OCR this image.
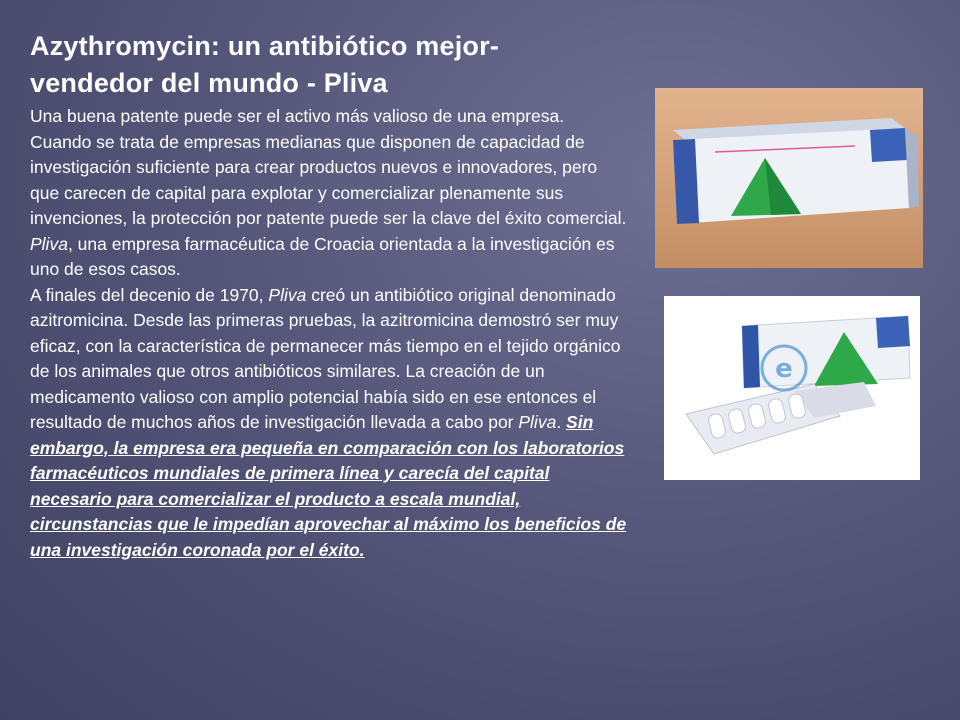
Azythromycin: un antibiótico mejor-vendedor del mundo - Pliva

Una buena patente puede ser el activo más valioso de una empresa. Cuando se trata de empresas medianas que disponen de capacidad de investigación suficiente para crear productos nuevos e innovadores, pero que carecen de capital para explotar y comercializar plenamente sus invenciones, la protección por patente puede ser la clave del éxito comercial. Pliva, una empresa farmacéutica de Croacia orientada a la investigación es uno de esos casos.

A finales del decenio de 1970, Pliva creó un antibiótico original denominado azitromicina. Desde las primeras pruebas, la azitromicina demostró ser muy eficaz, con la característica de permanecer más tiempo en el tejido orgánico de los animales que otros antibióticos similares. La creación de un medicamento valioso con amplio potencial había sido en ese entonces el resultado de muchos años de investigación llevada a cabo por Pliva. Sin embargo, la empresa era pequeña en comparación con los laboratorios farmacéuticos mundiales de primera línea y carecía del capital necesario para comercializar el producto a escala mundial, circunstancias que le impedían aprovechar al máximo los beneficios de una investigación coronada por el éxito.

e
